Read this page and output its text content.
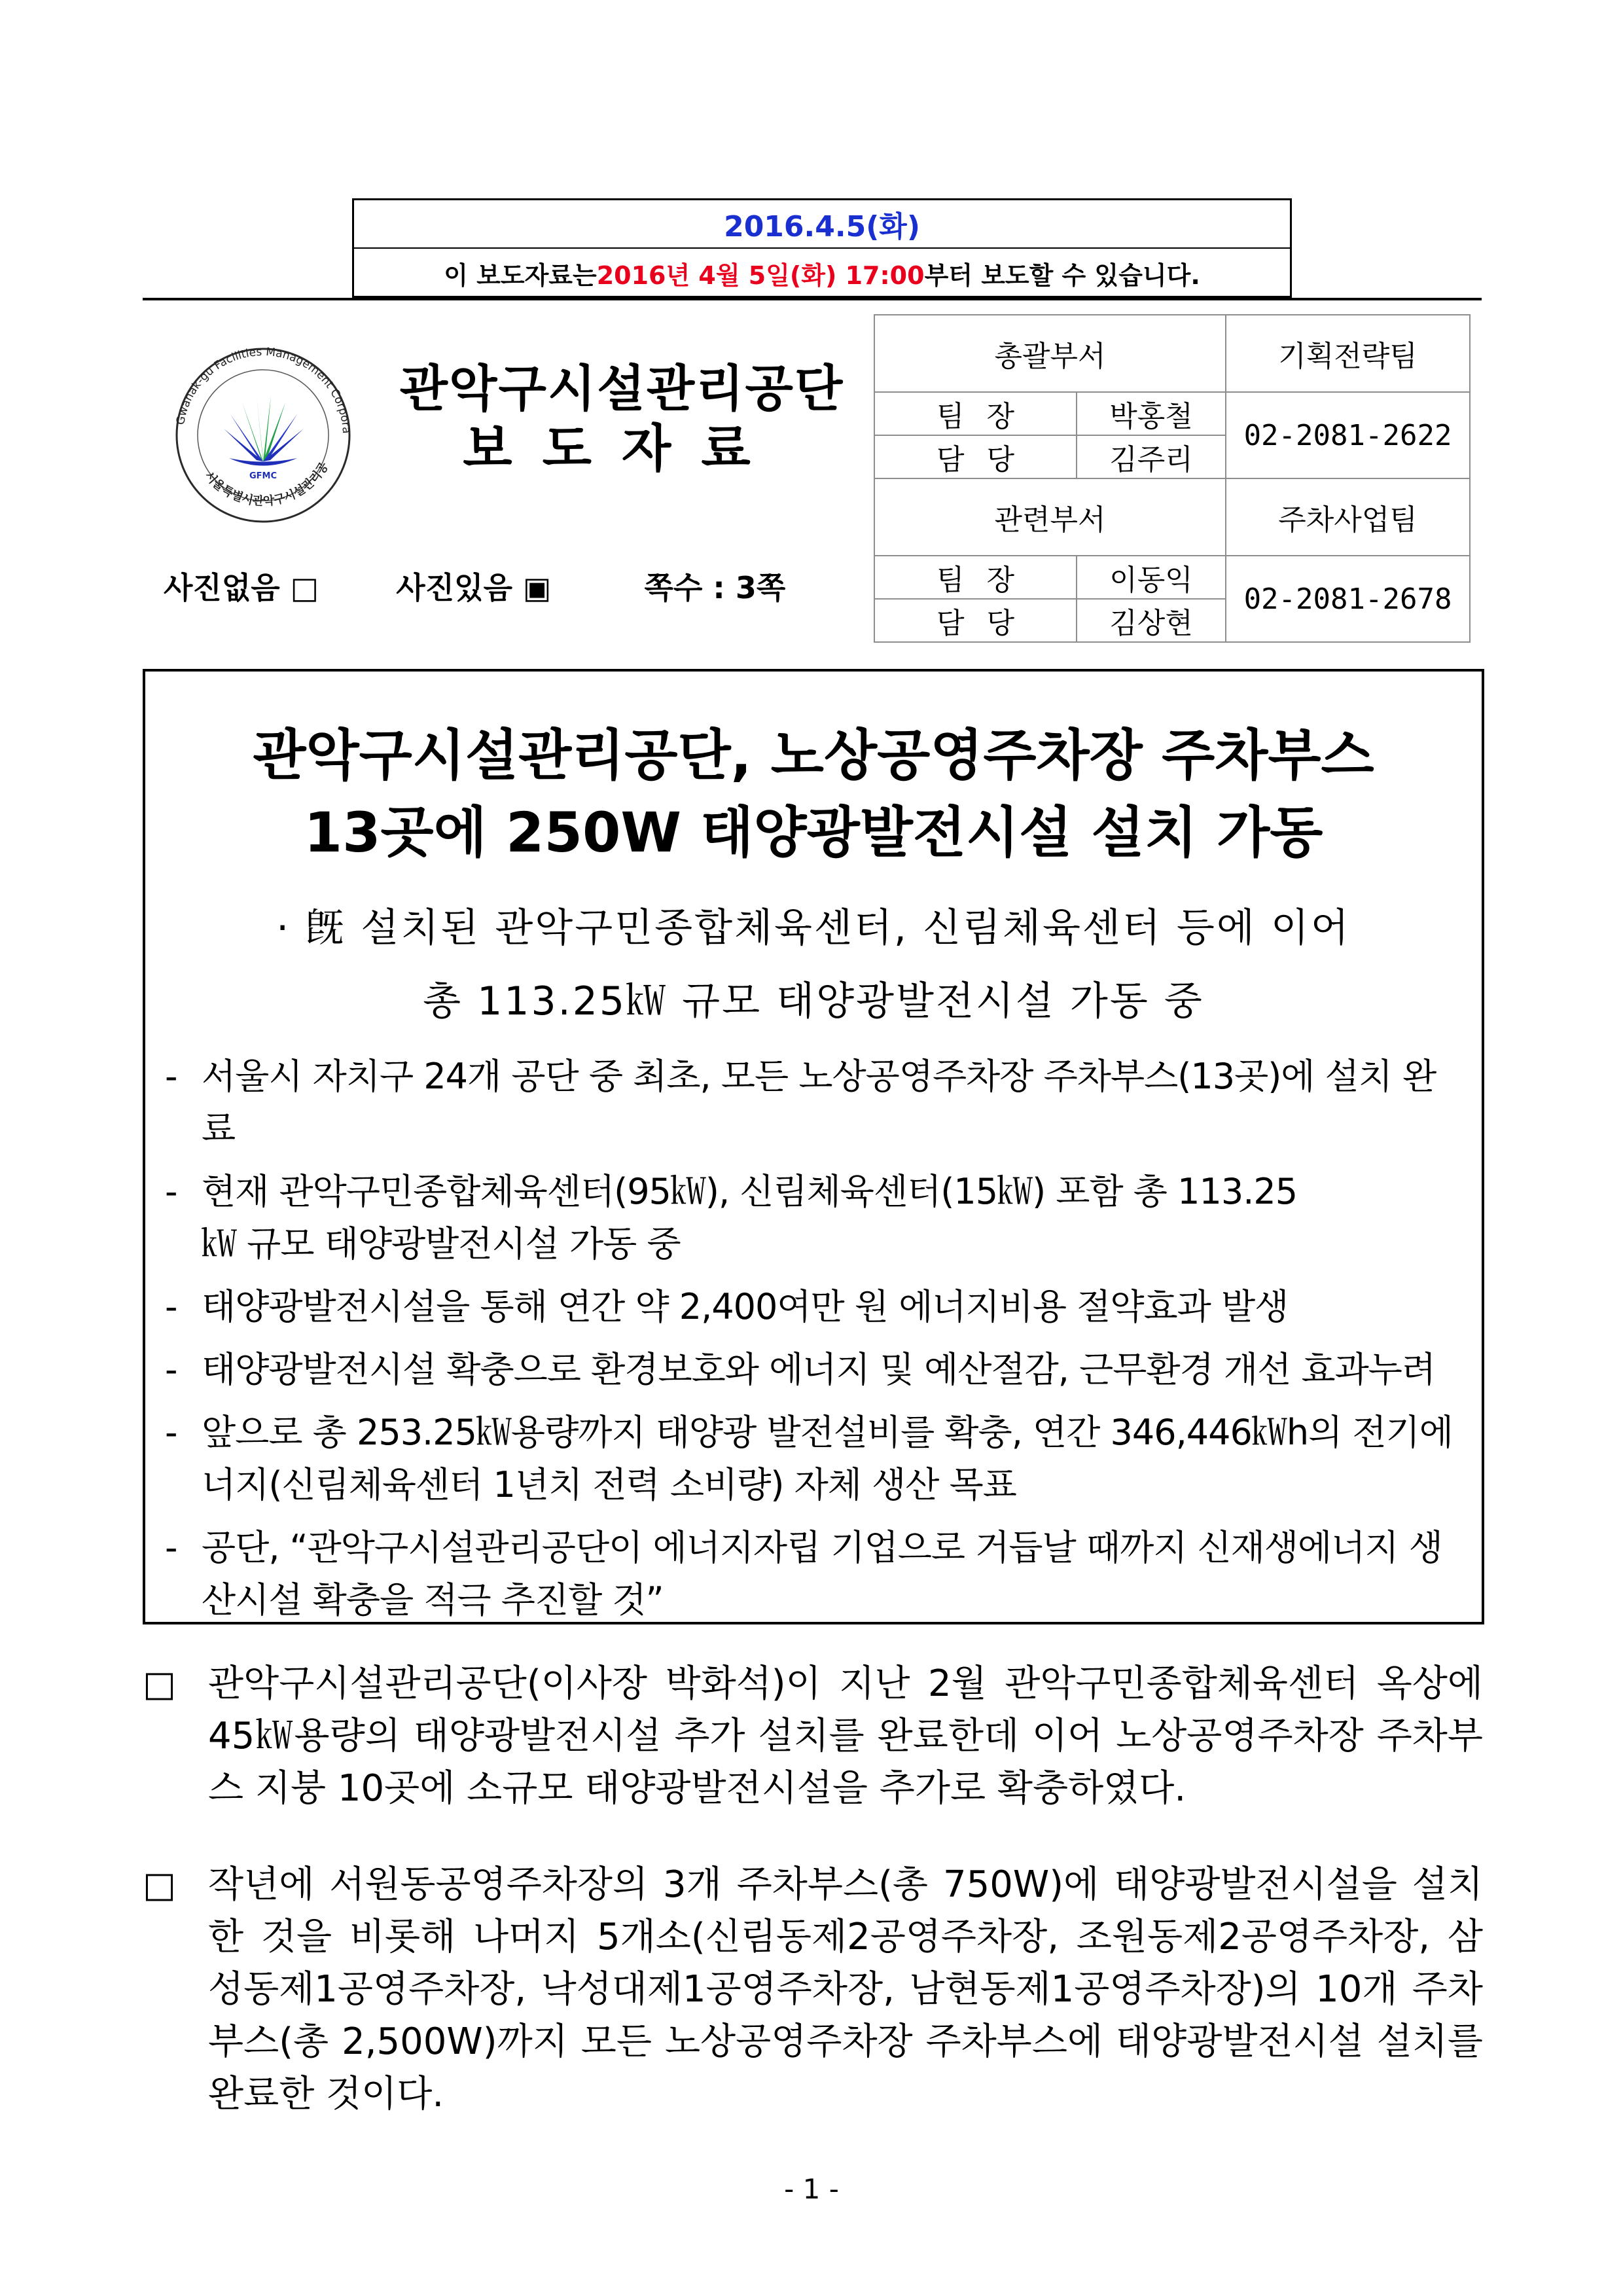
2016.4.5(화)
이 보도자료는 2016년 4월 5일(화) 17:00 부터 보도할 수 있습니다.
Gwanak-gu Facilities Management Corpora
서울특별시관악구시설관리공
GFMC
관악구시설관리공단
보도자료
사진없음 □	사진있음 ▣	쪽수 : 3쪽
총괄부서		기획전략팀
팀장	박홍철	02-2081-2622
담당	김주리	
관련부서		주차사업팀
팀장	이동익	02-2081-2678
담당	김상현	
관악구시설관리공단, 노상공영주차장 주차부스
13곳에 250W 태양광발전시설 설치 가동
· 旣 설치된 관악구민종합체육센터, 신림체육센터 등에 이어
총 113.25㎾ 규모 태양광발전시설 가동 중
- 서울시 자치구 24개 공단 중 최초, 모든 노상공영주차장 주차부스(13곳)에 설치 완료
- 현재 관악구민종합체육센터(95㎾), 신림체육센터(15㎾) 포함 총 113.25㎾ 규모 태양광발전시설 가동 중
- 태양광발전시설을 통해 연간 약 2,400여만 원 에너지비용 절약효과 발생
- 태양광발전시설 확충으로 환경보호와 에너지 및 예산절감, 근무환경 개선 효과누려
- 앞으로 총 253.25㎾용량까지 태양광 발전설비를 확충, 연간 346,446㎾h의 전기에너지(신림체육센터 1년치 전력 소비량) 자체 생산 목표
- 공단, “관악구시설관리공단이 에너지자립 기업으로 거듭날 때까지 신재생에너지 생산시설 확충을 적극 추진할 것”
□ 관악구시설관리공단(이사장 박화석)이 지난 2월 관악구민종합체육센터 옥상에 45㎾용량의 태양광발전시설 추가 설치를 완료한데 이어 노상공영주차장 주차부스 지붕 10곳에 소규모 태양광발전시설을 추가로 확충하였다.
□ 작년에 서원동공영주차장의 3개 주차부스(총 750W)에 태양광발전시설을 설치한 것을 비롯해 나머지 5개소(신림동제2공영주차장, 조원동제2공영주차장, 삼성동제1공영주차장, 낙성대제1공영주차장, 남현동제1공영주차장)의 10개 주차부스(총 2,500W)까지 모든 노상공영주차장 주차부스에 태양광발전시설 설치를 완료한 것이다.
- 1 -
